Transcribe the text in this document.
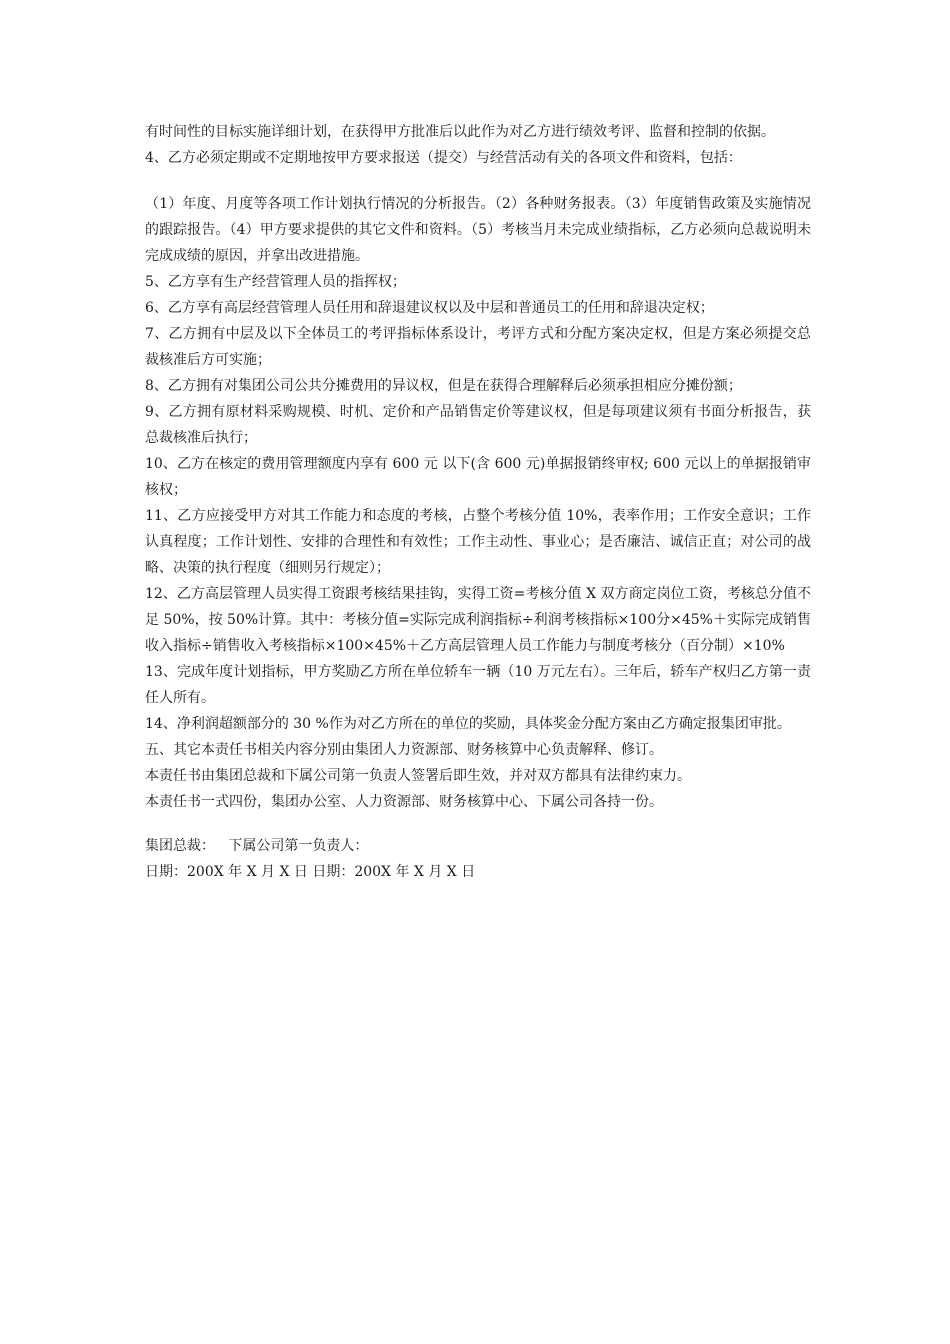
有时间性的目标实施详细计划，在获得甲方批准后以此作为对乙方进行绩效考评、监督和控制的依据。

4、乙方必须定期或不定期地按甲方要求报送（提交）与经营活动有关的各项文件和资料，包括：

（1）年度、月度等各项工作计划执行情况的分析报告。（2）各种财务报表。（3）年度销售政策及实施情况的跟踪报告。（4）甲方要求提供的其它文件和资料。（5）考核当月未完成业绩指标，乙方必须向总裁说明未完成成绩的原因，并拿出改进措施。

5、乙方享有生产经营管理人员的指挥权；

6、乙方享有高层经营管理人员任用和辞退建议权以及中层和普通员工的任用和辞退决定权；

7、乙方拥有中层及以下全体员工的考评指标体系设计，考评方式和分配方案决定权，但是方案必须提交总裁核准后方可实施；

8、乙方拥有对集团公司公共分摊费用的异议权，但是在获得合理解释后必须承担相应分摊份额；

9、乙方拥有原材料采购规模、时机、定价和产品销售定价等建议权，但是每项建议须有书面分析报告，获总裁核准后执行；

10、乙方在核定的费用管理额度内享有 600 元 以下(含 600 元)单据报销终审权; 600 元以上的单据报销审核权；

11、乙方应接受甲方对其工作能力和态度的考核，占整个考核分值 10%，表率作用；工作安全意识；工作认真程度；工作计划性、安排的合理性和有效性；工作主动性、事业心；是否廉洁、诚信正直；对公司的战略、决策的执行程度（细则另行规定）；

12、乙方高层管理人员实得工资跟考核结果挂钩，实得工资=考核分值 X 双方商定岗位工资，考核总分值不足 50%，按 50%计算。其中：考核分值=实际完成利润指标÷利润考核指标×100分×45%＋实际完成销售收入指标÷销售收入考核指标×100×45%＋乙方高层管理人员工作能力与制度考核分（百分制）×10%

13、完成年度计划指标，甲方奖励乙方所在单位轿车一辆（10 万元左右）。三年后，轿车产权归乙方第一责任人所有。

14、净利润超额部分的 30 %作为对乙方所在的单位的奖励，具体奖金分配方案由乙方确定报集团审批。

五、其它本责任书相关内容分别由集团人力资源部、财务核算中心负责解释、修订。

本责任书由集团总裁和下属公司第一负责人签署后即生效，并对双方都具有法律约束力。

本责任书一式四份，集团办公室、人力资源部、财务核算中心、下属公司各持一份。

集团总裁：   下属公司第一负责人：

日期：200X 年 X 月 X 日 日期：200X 年 X 月 X 日
